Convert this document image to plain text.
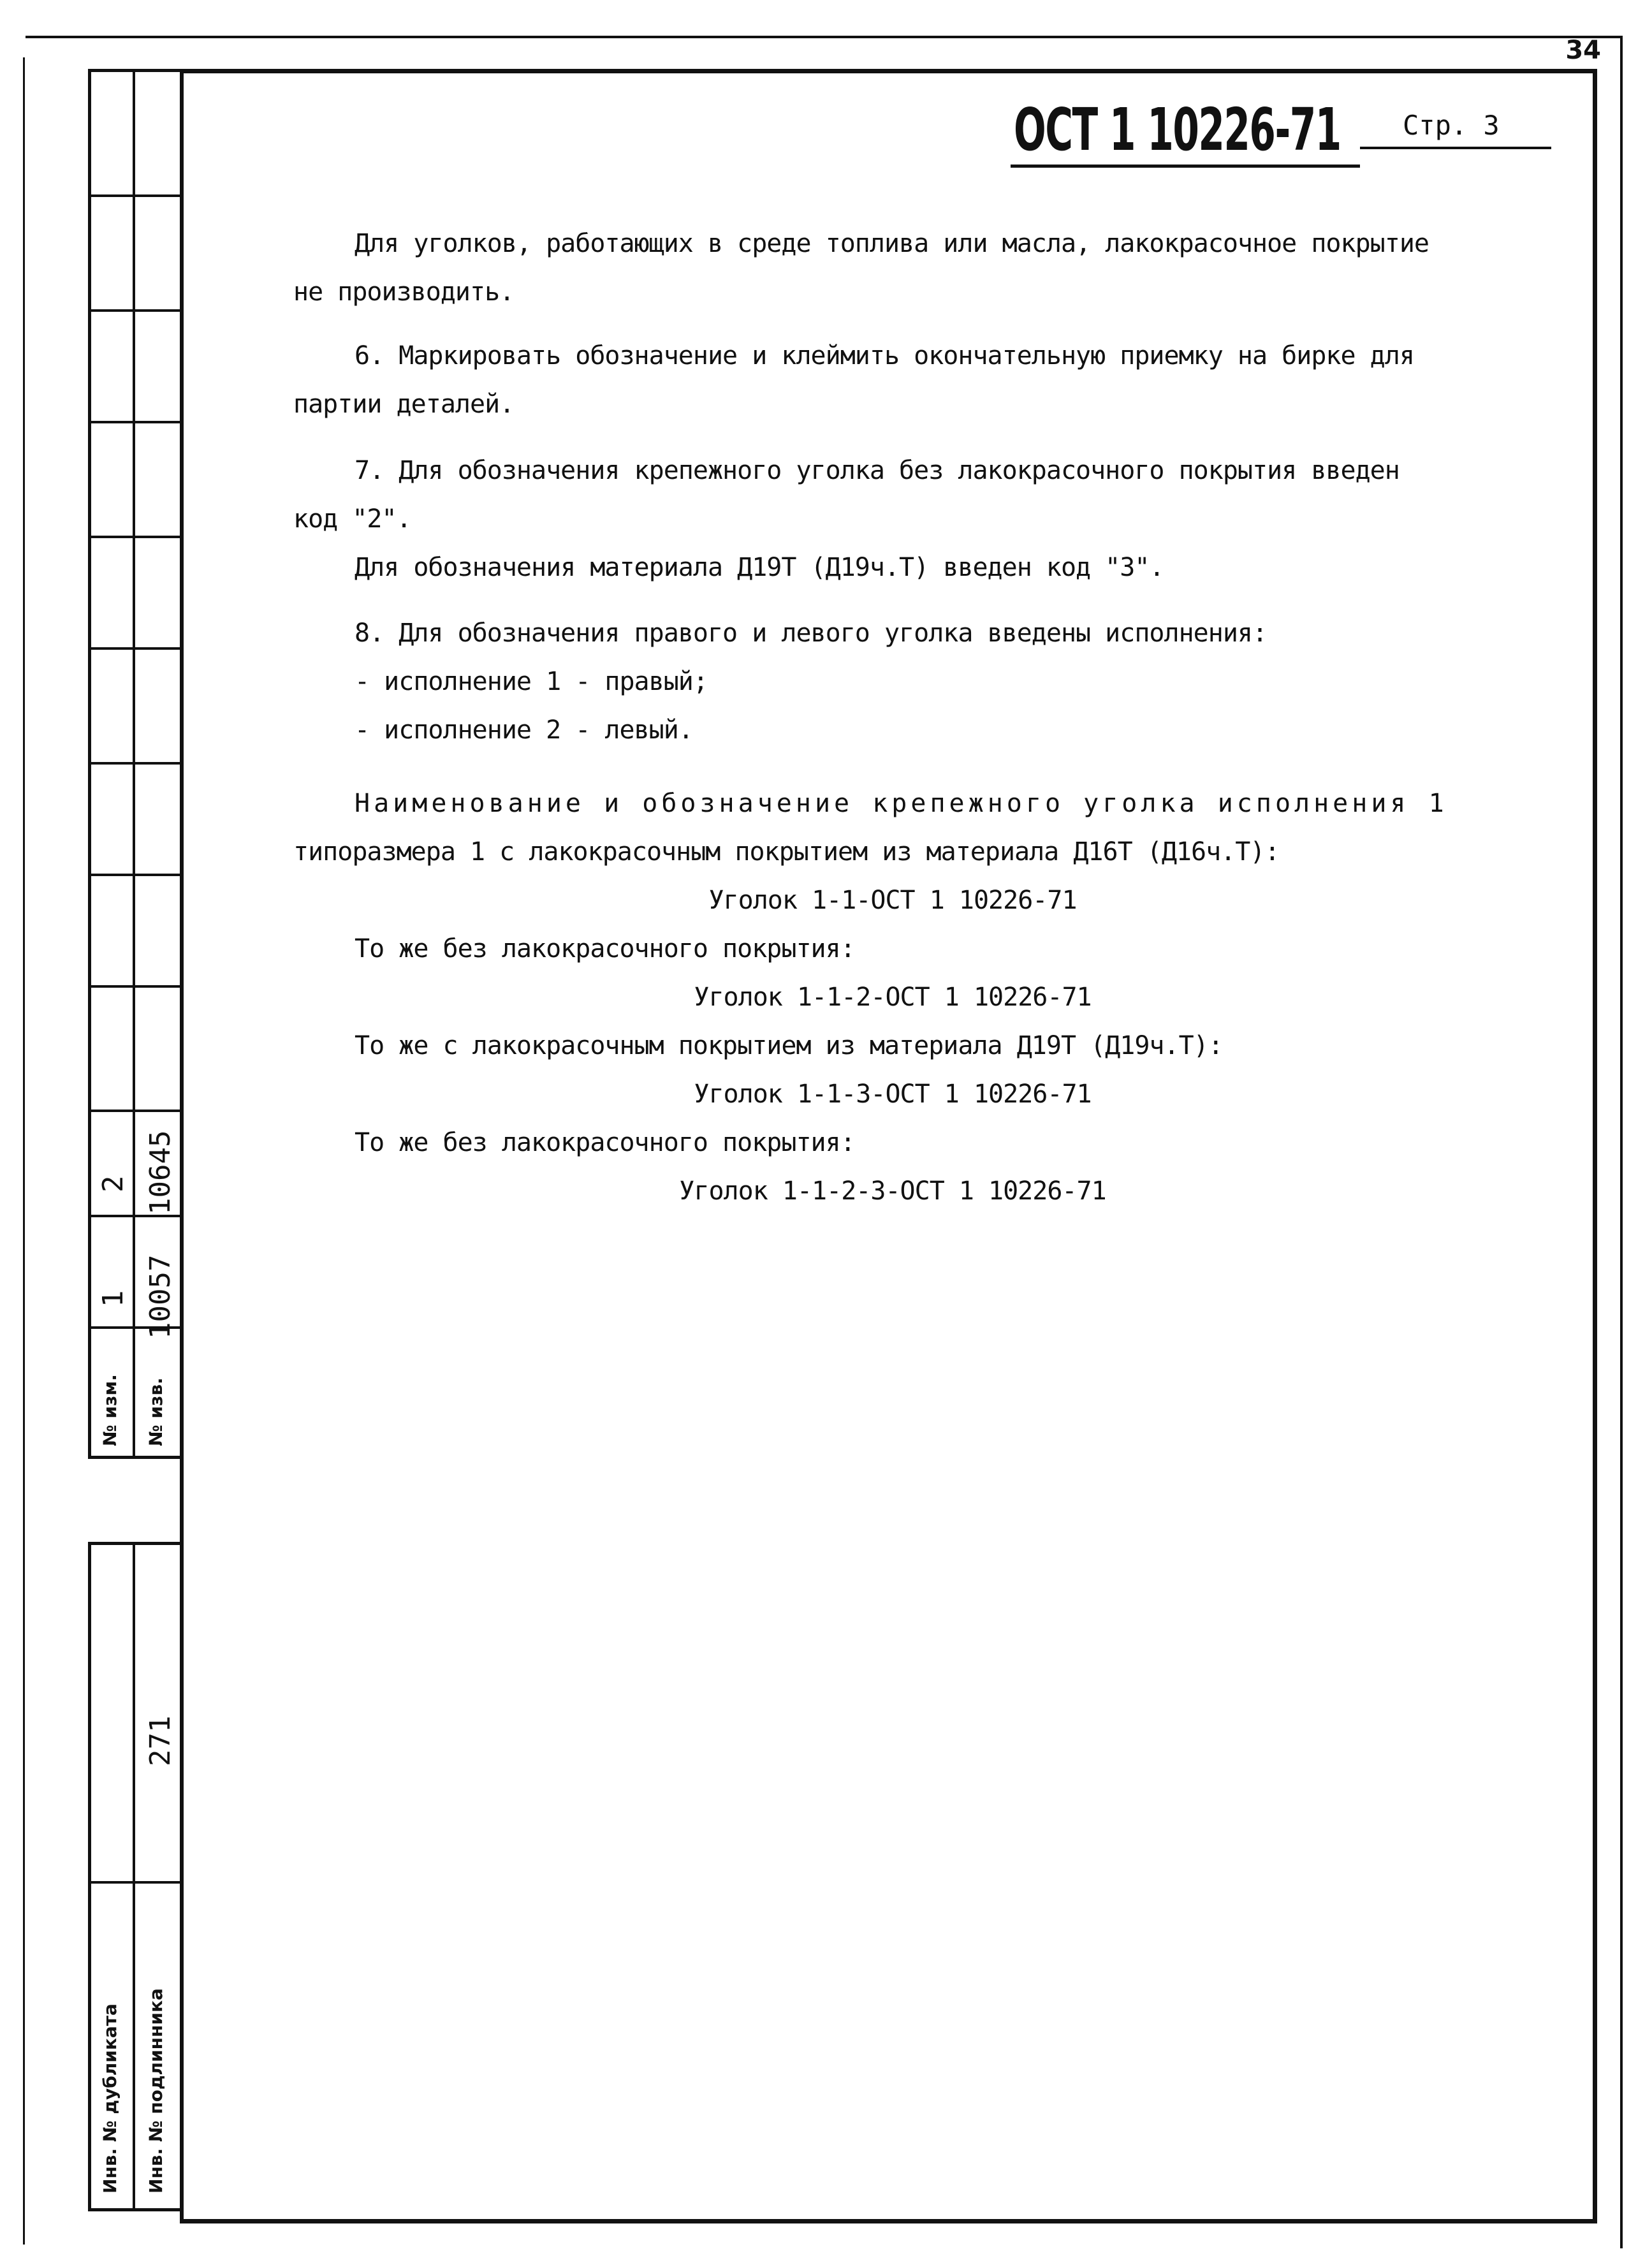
№ изм. № изв.
1 10057
2 10645
271
Инв. № дубликата Инв. № подлинника
34
ОСТ 1 10226-71 Стр. 3

Для уголков, работающих в среде топлива или масла, лакокрасочное покрытие

не производить.

6. Маркировать обозначение и клеймить окончательную приемку на бирке для

партии деталей.

7. Для обозначения крепежного уголка без лакокрасочного покрытия введен

код "2".

Для обозначения материала Д19Т (Д19ч.Т) введен код "3".

8. Для обозначения правого и левого уголка введены исполнения:

- исполнение 1 - правый;

- исполнение 2 - левый.

Наименование и обозначение крепежного уголка исполнения 1

типоразмера 1 с лакокрасочным покрытием из материала Д16Т (Д16ч.Т):

Уголок 1-1-ОСТ 1 10226-71

То же без лакокрасочного покрытия:

Уголок 1-1-2-ОСТ 1 10226-71

То же с лакокрасочным покрытием из материала Д19Т (Д19ч.Т):

Уголок 1-1-3-ОСТ 1 10226-71

То же без лакокрасочного покрытия:

Уголок 1-1-2-3-ОСТ 1 10226-71
